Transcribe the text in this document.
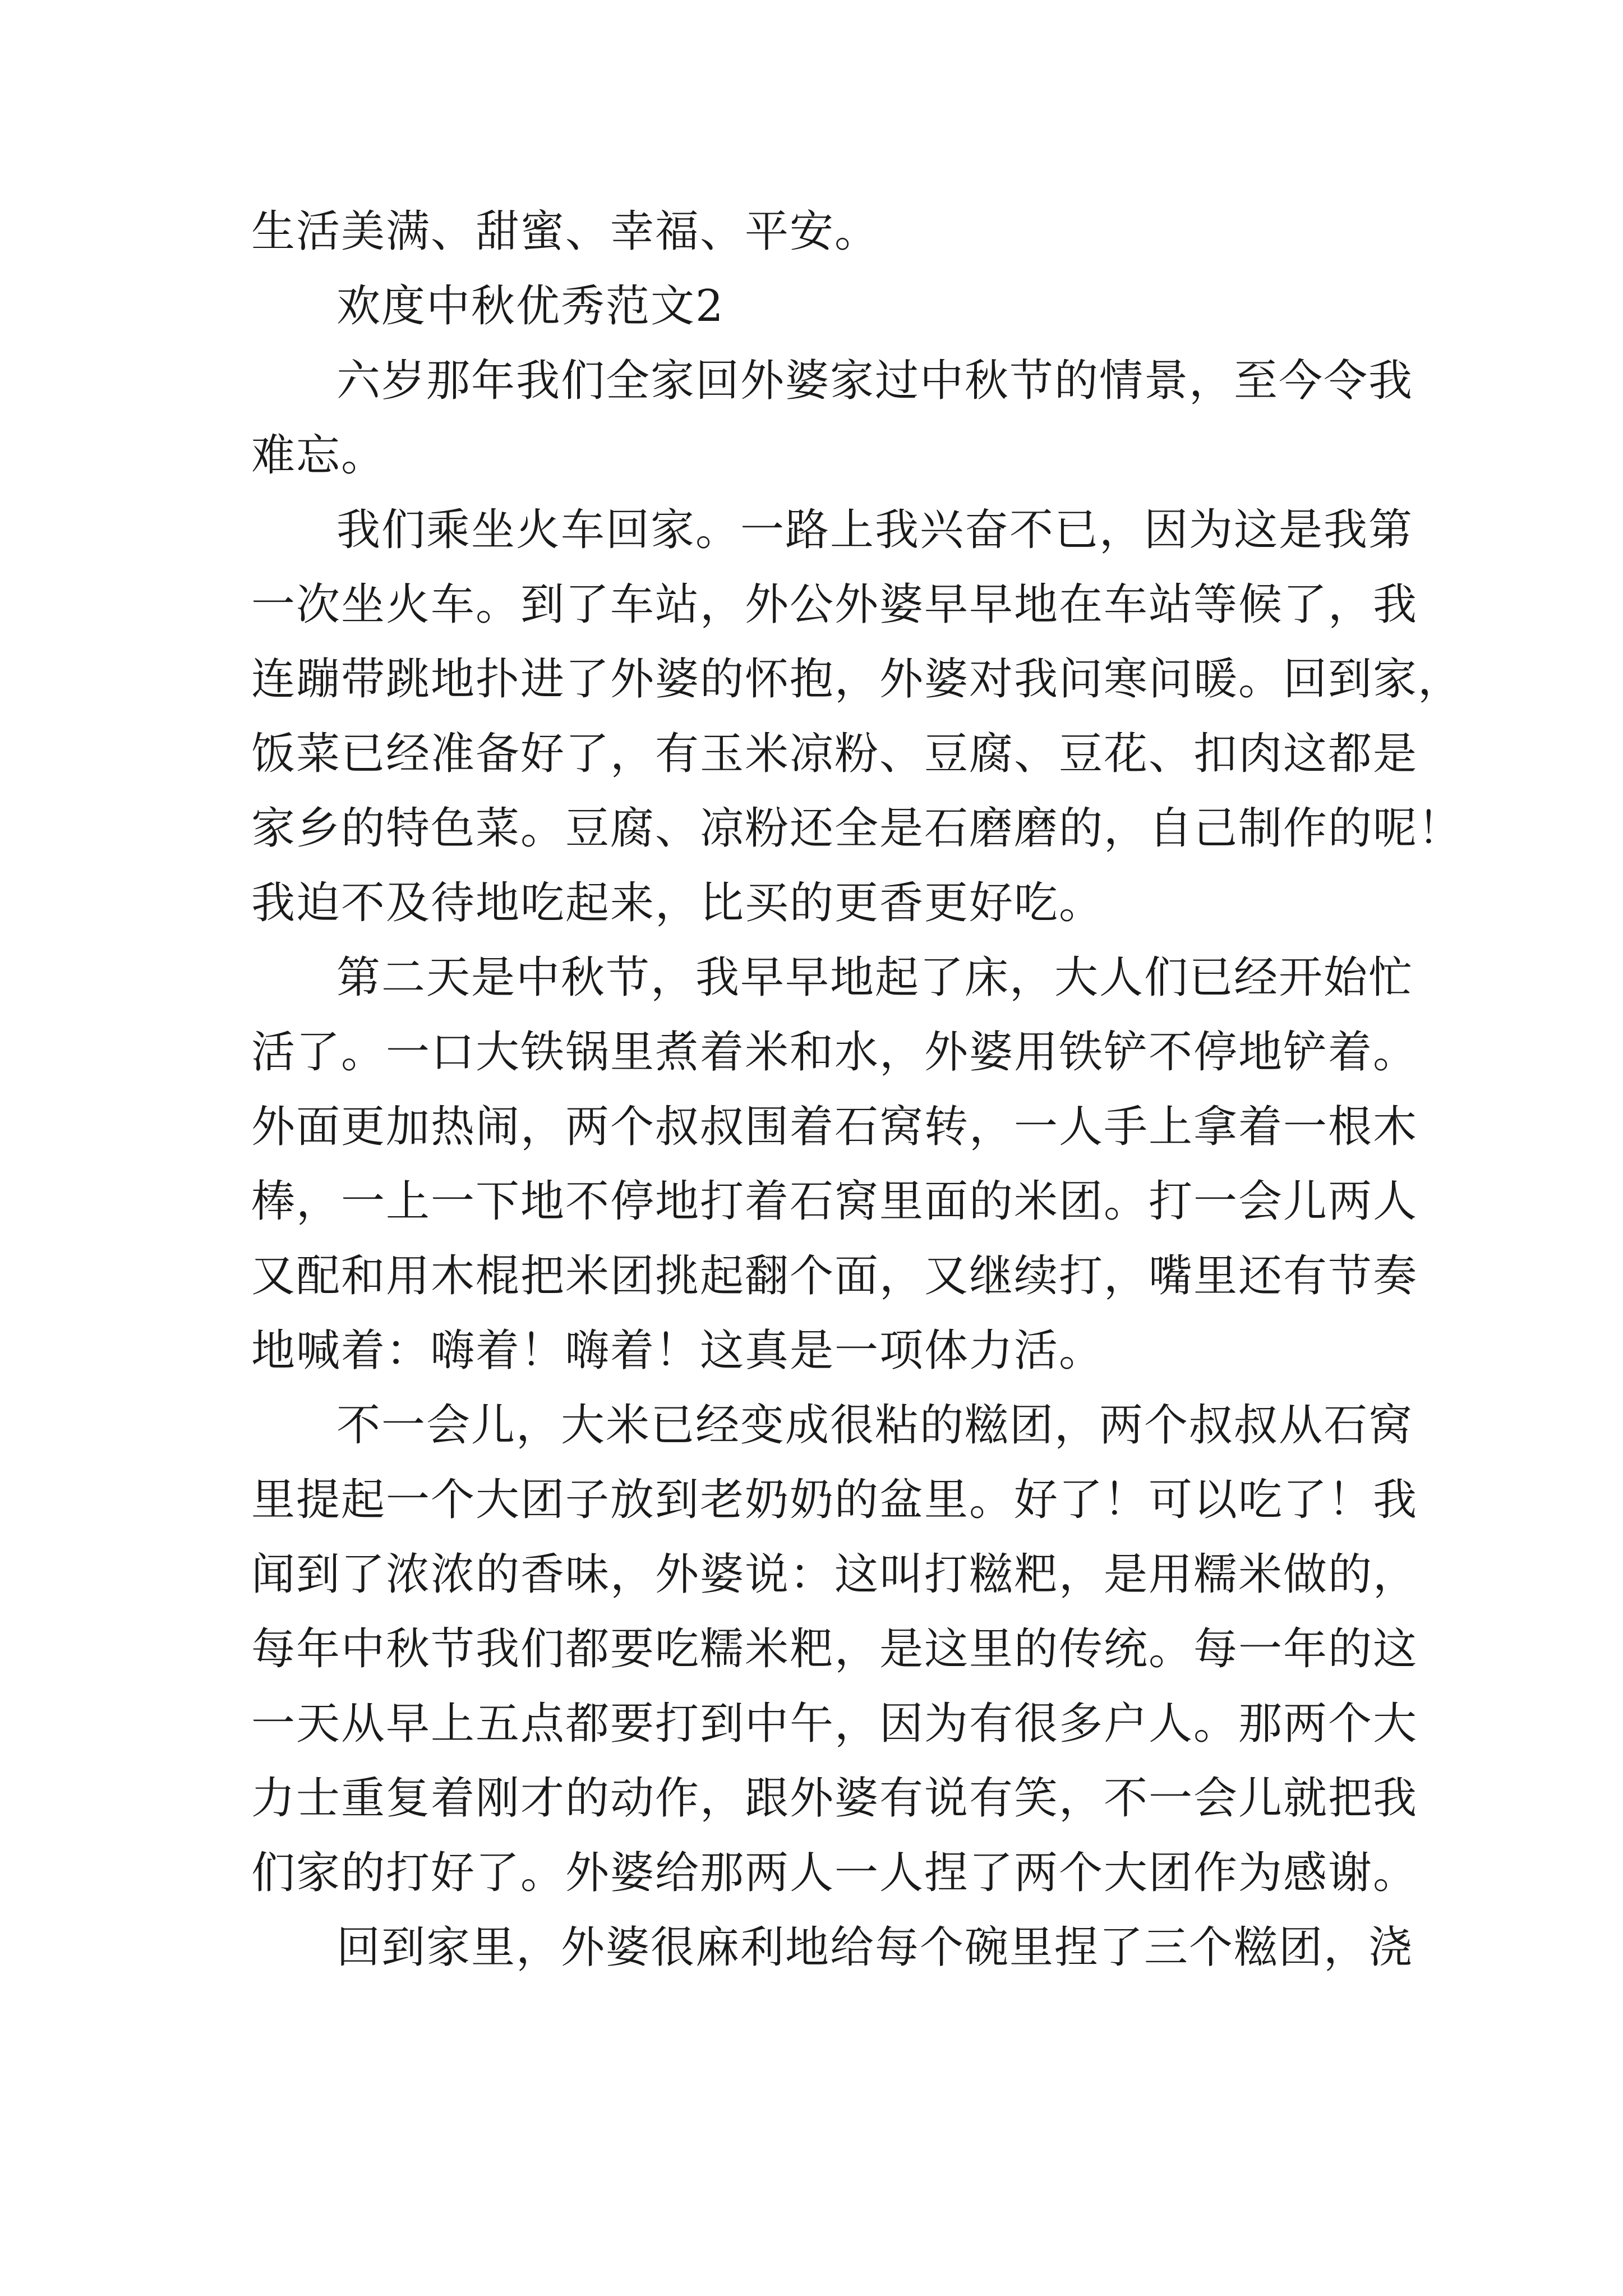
生活美满、甜蜜、幸福、平安。
欢度中秋优秀范文2
六岁那年我们全家回外婆家过中秋节的情景，至今令我
难忘。
我们乘坐火车回家。一路上我兴奋不已，因为这是我第
一次坐火车。到了车站，外公外婆早早地在车站等候了，我
连蹦带跳地扑进了外婆的怀抱，外婆对我问寒问暖。回到家，
饭菜已经准备好了，有玉米凉粉、豆腐、豆花、扣肉这都是
家乡的特色菜。豆腐、凉粉还全是石磨磨的，自己制作的呢！
我迫不及待地吃起来，比买的更香更好吃。
第二天是中秋节，我早早地起了床，大人们已经开始忙
活了。一口大铁锅里煮着米和水，外婆用铁铲不停地铲着。
外面更加热闹，两个叔叔围着石窝转，一人手上拿着一根木
棒，一上一下地不停地打着石窝里面的米团。打一会儿两人
又配和用木棍把米团挑起翻个面，又继续打，嘴里还有节奏
地喊着：嗨着！嗨着！这真是一项体力活。
不一会儿，大米已经变成很粘的糍团，两个叔叔从石窝
里提起一个大团子放到老奶奶的盆里。好了！可以吃了！我
闻到了浓浓的香味，外婆说：这叫打糍粑，是用糯米做的，
每年中秋节我们都要吃糯米粑，是这里的传统。每一年的这
一天从早上五点都要打到中午，因为有很多户人。那两个大
力士重复着刚才的动作，跟外婆有说有笑，不一会儿就把我
们家的打好了。外婆给那两人一人捏了两个大团作为感谢。
回到家里，外婆很麻利地给每个碗里捏了三个糍团，浇
